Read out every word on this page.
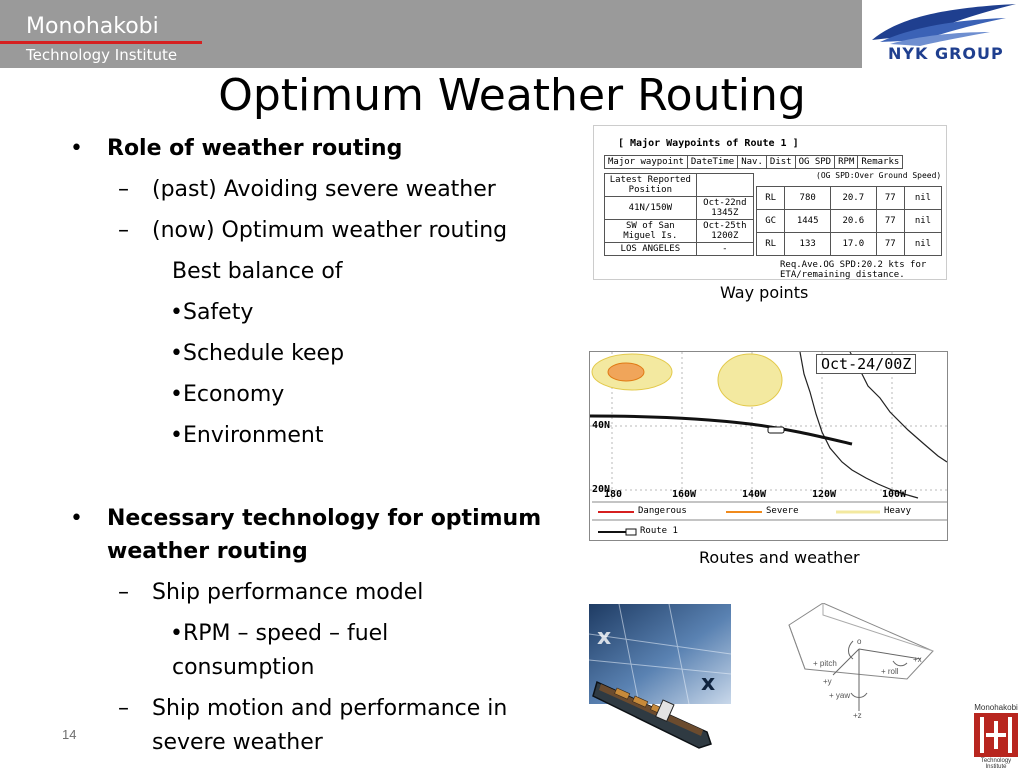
Monohakobi
Technology Institute	NYK GROUP
Optimum Weather Routing
• Role of weather routing
– (past) Avoiding severe weather
– (now) Optimum weather routing
Best balance of
•Safety
•Schedule keep
•Economy
•Environment
• Necessary technology for optimum
weather routing
– Ship performance model
•RPM – speed – fuel
consumption
– Ship motion and performance in
severe weather
14
[ Major Waypoints of Route 1 ]
Major waypoint	DateTime	Nav.	Dist	OG SPD	RPM	Remarks
(OG SPD:Over Ground Speed)
Latest Reported Position	
41N/150W	Oct-22nd 1345Z
SW of San Miguel Is.	Oct-25th 1200Z
LOS ANGELES	-
RL	780	20.7	77	nil
GC	1445	20.6	77	nil
RL	133	17.0	77	nil
Req.Ave.OG SPD:20.2 kts for
ETA/remaining distance.
Way points
Oct-24/00Z
40N
20N
180	160W	140W	120W	100W
Dangerous	Severe	Heavy
Route 1
Routes and weather
x
x
o
+ pitch
+y
+ yaw
+x
+ roll
+z
Monohakobi
Technology Institute
